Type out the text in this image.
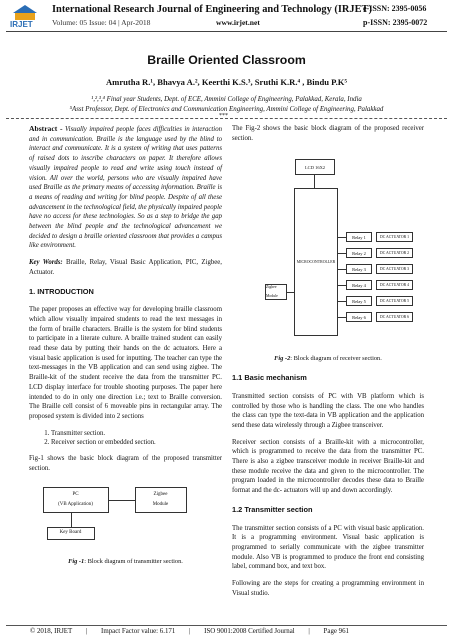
IRJET
International Research Journal of Engineering and Technology (IRJET)
Volume: 05 Issue: 04 | Apr-2018	www.irjet.net
e-ISSN: 2395-0056
p-ISSN: 2395-0072
Braille Oriented Classroom
Amrutha R.¹, Bhavya A.², Keerthi K.S.³, Sruthi K.R.⁴ , Bindu P.K⁵
¹,²,³,⁴ Final year Students, Dept. of ECE, Ammini College of Engineering, Palakkad, Kerala, India
⁵Asst Professor, Dept. of Electronics and Communication Engineering, Ammini College of Engineering, Palakkad
***

Abstract - Visually impaired people faces difficulties in interaction and in communication. Braille is the language used by the blind to interact and communicate. It is a system of writing that uses patterns of raised dots to inscribe characters on paper. It therefore allows visually impaired people to read and write using touch instead of vision. All over the world, persons who are visually impaired have used Braille as the primary means of accessing information. Braille is a means of reading and writing for blind people. Despite of all these advancement in the technological field, the physically impaired people have no access for these technologies. So as a step to bridge the gap between the blind people and the technological advancement we decided to design a braille oriented classroom that provides a campus like environment.

Key Words: Braille, Relay, Visual Basic Application, PIC, Zigbee, Actuator.

1. INTRODUCTION

The paper proposes an effective way for developing braille classroom which allow visually impaired students to read the text messages in the form of braille characters. Braille is the system for blind students to participate in a literate culture. A braille trained student can easily read these data by putting their hands on the dc actuators. Here a visual basic application is used for inputting. The teacher can type the text-messages in the VB application and can send using zigbee. The Braille-kit of the student receive the data from the transmitter PC. LCD display interface for trouble shooting purposes. The paper here intended to do in only one direction i.e.; text to Braille conversion. The Braille cell consist of 6 moveable pins in rectangular array. The proposed system is divided into 2 sections

1. Transmitter section.
2. Receiver section or embedded section.

Fig-1 shows the basic block diagram of the proposed transmitter section.

PC
(VB Application)
Zigbee
Module
Key Board
Fig -1: Block diagram of transmitter section.

The Fig-2 shows the basic block diagram of the proposed receiver section.

LCD 16X2
MICROCONTROLLER
Zigbee Module
Relay 1
Relay 2
Relay 3
Relay 4
Relay 5
Relay 6
DC ACTUATOR 1
DC ACTUATOR 2
DC ACTUATOR 3
DC ACTUATOR 4
DC ACTUATOR 5
DC ACTUATOR 6
Fig -2: Block diagram of receiver section.
1.1 Basic mechanism

Transmitted section consists of PC with VB platform which is controlled by those who is handling the class. The one who handles the class can type the text-data in VB application and the application send these data wirelessly through a Zigbee transceiver.

Receiver section consists of a Braille-kit with a microcontroller, which is programmed to receive the data from the transmitter PC. There is also a zigbee transceiver module in receiver Braille-kit and these module receive the data and given to the microcontroller. The program loaded in the microcontroller decodes these data to Braille format and the dc- actuators will up and down accordingly.

1.2 Transmitter section

The transmitter section consists of a PC with visual basic application. It is a programming environment. Visual basic application is programmed to serially communicate with the zigbee transmitter module. Also VB is programmed to produce the front end consisting label, command box, and text box.

Following are the steps for creating a programming environment in Visual studio.

© 2018, IRJET | Impact Factor value: 6.171 | ISO 9001:2008 Certified Journal | Page 961
